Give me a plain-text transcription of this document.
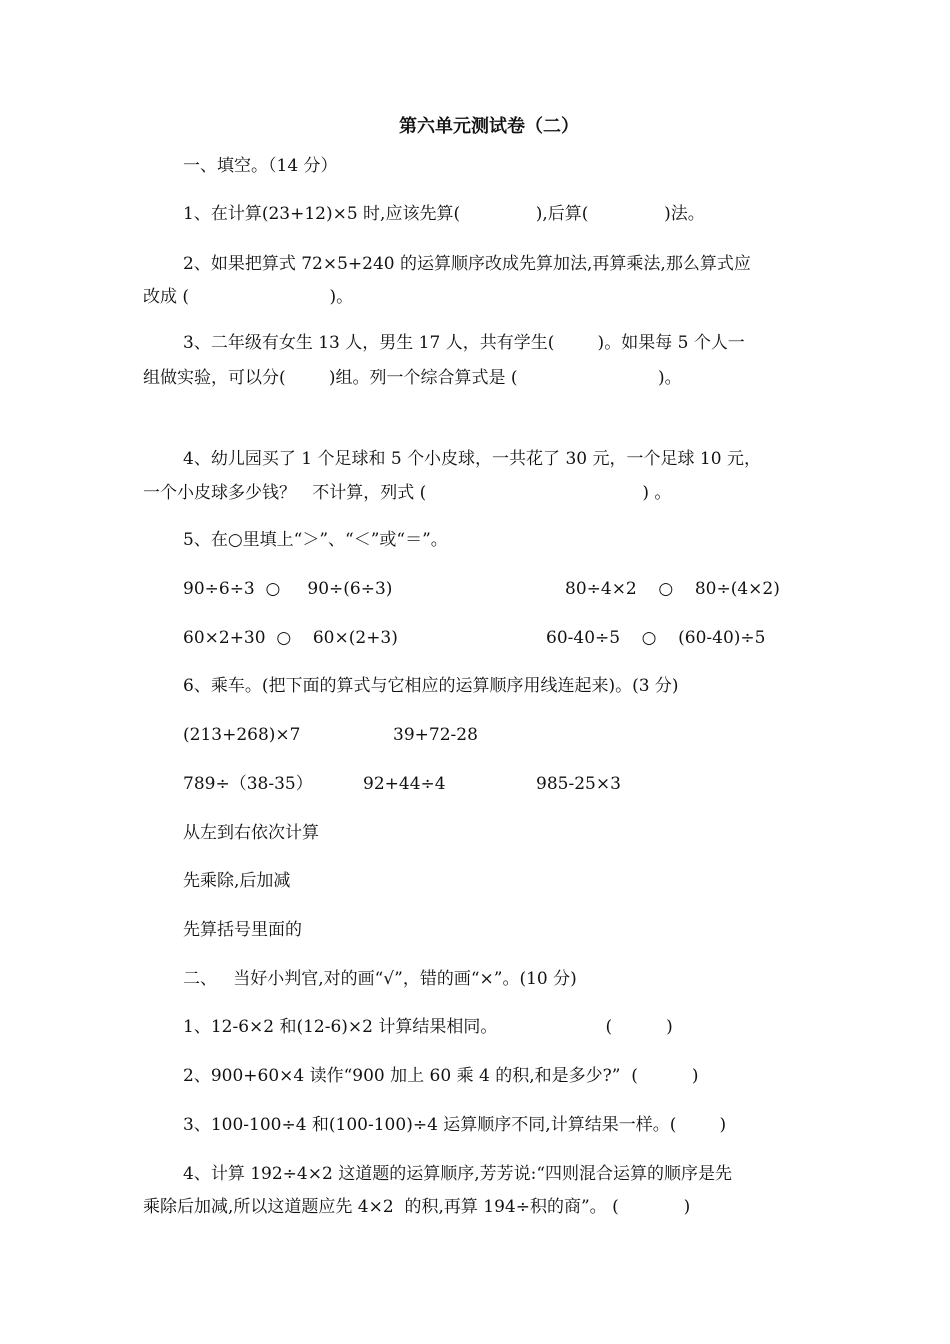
第六单元测试卷（二）
一、填空。（14 分）
1、在计算(23+12)×5 时,应该先算(              ),后算(              )法。
2、如果把算式 72×5+240 的运算顺序改成先算加法,再算乘法,那么算式应
改成 (                          )。
3、二年级有女生 13 人，男生 17 人，共有学生(        )。如果每 5 个人一
组做实验，可以分(        )组。列一个综合算式是 (                          )。
4、幼儿园买了 1 个足球和 5 个小皮球，一共花了 30 元，一个足球 10 元，
一个小皮球多少钱？   不计算，列式 (                                        ) 。
5、在○里填上“＞”、“＜”或“＝”。
90÷6÷3  ○     90÷(6÷3)	80÷4×2    ○    80÷(4×2)
60×2+30  ○    60×(2+3)	60-40÷5    ○    (60-40)÷5
6、乘车。(把下面的算式与它相应的运算顺序用线连起来)。(3 分)
(213+268)×7	39+72-28
789÷（38-35）	92+44÷4	985-25×3
从左到右依次计算
先乘除,后加减
先算括号里面的
二、   当好小判官,对的画“√”，错的画“×”。(10 分)
1、12-6×2 和(12-6)×2 计算结果相同。                    (          )
2、900+60×4 读作“900 加上 60 乘 4 的积,和是多少?”  (          )
3、100-100÷4 和(100-100)÷4 运算顺序不同,计算结果一样。(        )
4、计算 192÷4×2 这道题的运算顺序,芳芳说:“四则混合运算的顺序是先
乘除后加减,所以这道题应先 4×2  的积,再算 194÷积的商”。 (            )
